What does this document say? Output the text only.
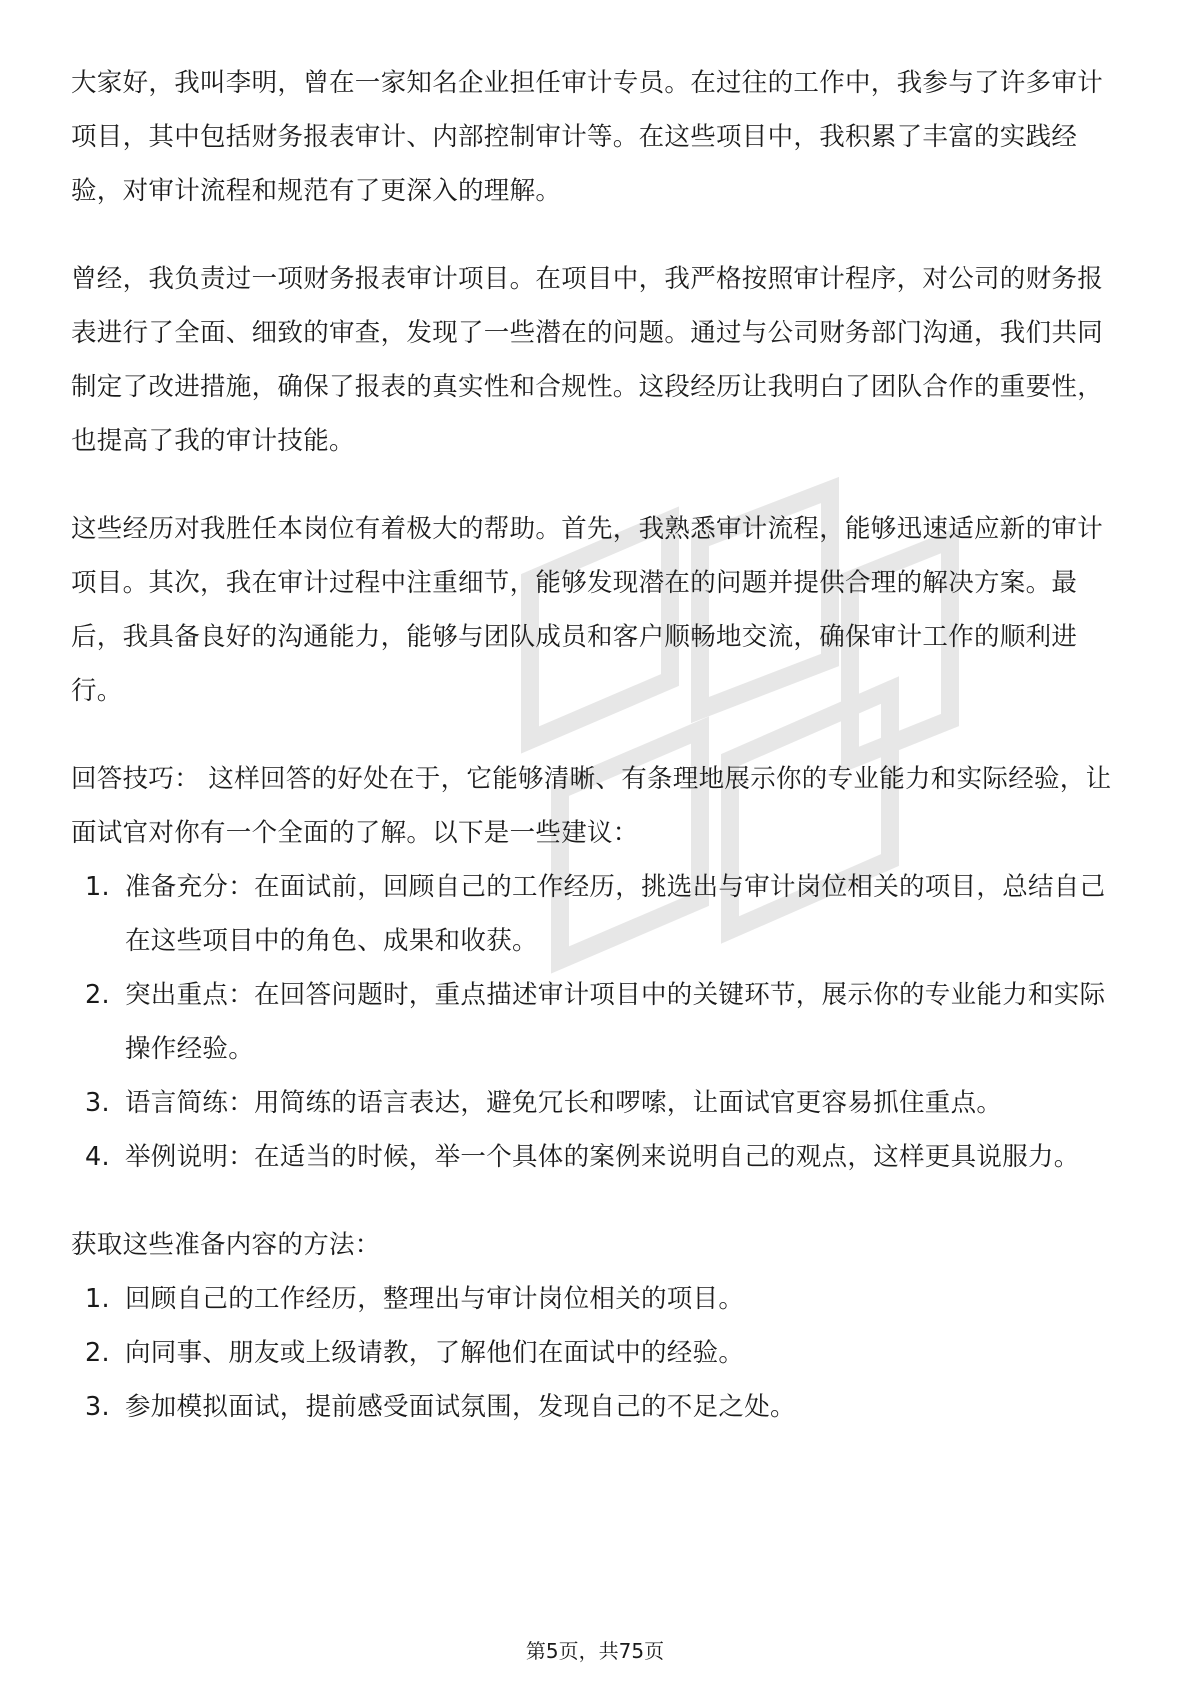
大家好，我叫李明，曾在一家知名企业担任审计专员。在过往的工作中，我参与了许多审计项目，其中包括财务报表审计、内部控制审计等。在这些项目中，我积累了丰富的实践经验，对审计流程和规范有了更深入的理解。

曾经，我负责过一项财务报表审计项目。在项目中，我严格按照审计程序，对公司的财务报表进行了全面、细致的审查，发现了一些潜在的问题。通过与公司财务部门沟通，我们共同制定了改进措施，确保了报表的真实性和合规性。这段经历让我明白了团队合作的重要性，也提高了我的审计技能。

这些经历对我胜任本岗位有着极大的帮助。首先，我熟悉审计流程，能够迅速适应新的审计项目。其次，我在审计过程中注重细节，能够发现潜在的问题并提供合理的解决方案。最后，我具备良好的沟通能力，能够与团队成员和客户顺畅地交流，确保审计工作的顺利进行。

回答技巧： 这样回答的好处在于，它能够清晰、有条理地展示你的专业能力和实际经验，让面试官对你有一个全面的了解。以下是一些建议：

1. 准备充分：在面试前，回顾自己的工作经历，挑选出与审计岗位相关的项目，总结自己在这些项目中的角色、成果和收获。
2. 突出重点：在回答问题时，重点描述审计项目中的关键环节，展示你的专业能力和实际操作经验。
3. 语言简练：用简练的语言表达，避免冗长和啰嗦，让面试官更容易抓住重点。
4. 举例说明：在适当的时候，举一个具体的案例来说明自己的观点，这样更具说服力。

获取这些准备内容的方法：

1. 回顾自己的工作经历，整理出与审计岗位相关的项目。
2. 向同事、朋友或上级请教，了解他们在面试中的经验。
3. 参加模拟面试，提前感受面试氛围，发现自己的不足之处。
第5页，共75页
